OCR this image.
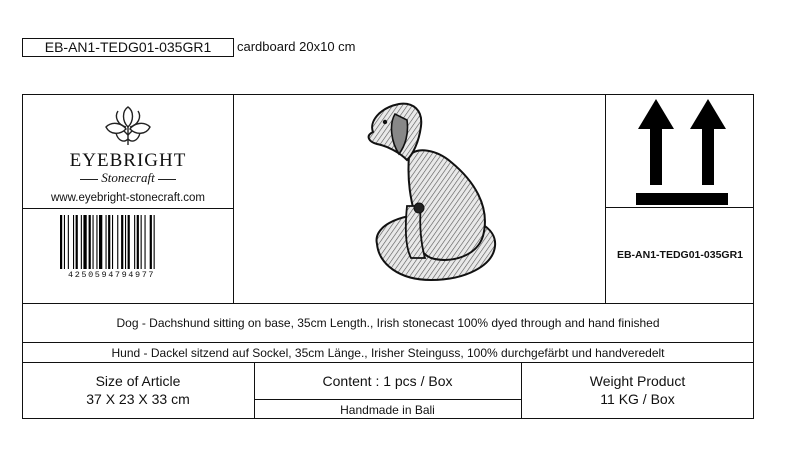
EB-AN1-TEDG01-035GR1	cardboard 20x10 cm
EYEBRIGHT
Stonecraft
www.eyebright-stonecraft.com
4250594794977
EB-AN1-TEDG01-035GR1
Dog - Dachshund sitting on base, 35cm Length., Irish stonecast 100% dyed through and hand finished
Hund - Dackel sitzend auf Sockel, 35cm Länge., Irisher Steinguss, 100% durchgefärbt und handveredelt
Size of Article
37 X 23 X 33 cm
Content : 1 pcs / Box
Handmade in Bali
Weight Product
11 KG / Box
